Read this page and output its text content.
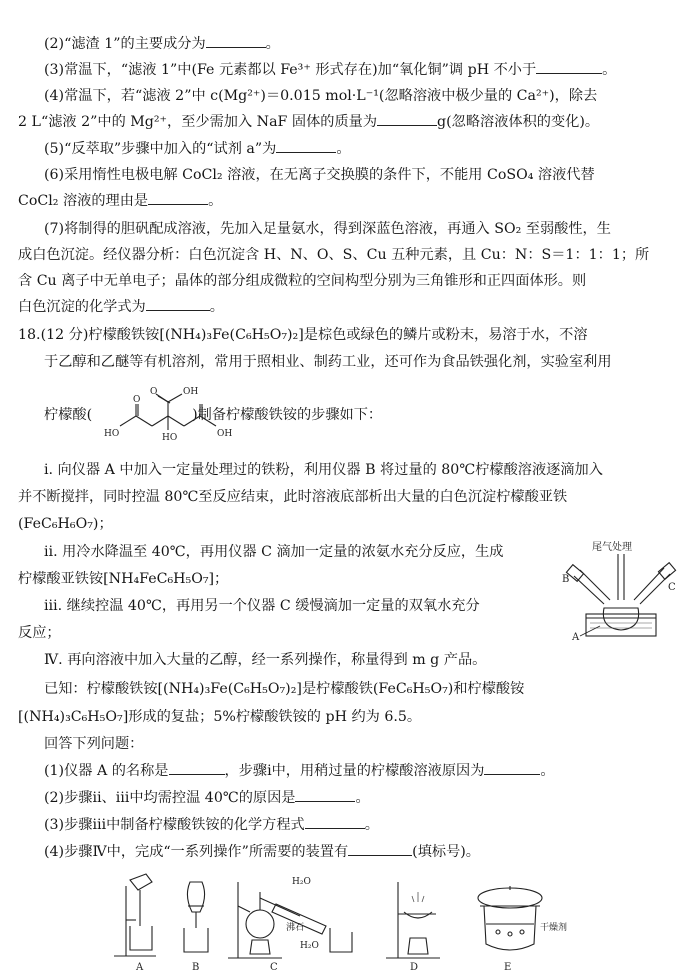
(2)“滤渣 1”的主要成分为	。
(3)常温下，“滤液 1”中(Fe 元素都以 Fe³⁺ 形式存在)加“氧化铜”调 pH 不小于	。
(4)常温下，若“滤液 2”中 c(Mg²⁺)＝0.015 mol·L⁻¹(忽略溶液中极少量的 Ca²⁺)，除去
2 L“滤液 2”中的 Mg²⁺，至少需加入 NaF 固体的质量为	g(忽略溶液体积的变化)。
(5)“反萃取”步骤中加入的“试剂 a”为	。
(6)采用惰性电极电解 CoCl₂ 溶液，在无离子交换膜的条件下，不能用 CoSO₄ 溶液代替
CoCl₂ 溶液的理由是	。
(7)将制得的胆矾配成溶液，先加入足量氨水，得到深蓝色溶液，再通入 SO₂ 至弱酸性，生
成白色沉淀。经仪器分析：白色沉淀含 H、N、O、S、Cu 五种元素，且 Cu：N：S＝1：1：1；所
含 Cu 离子中无单电子；晶体的部分组成微粒的空间构型分别为三角锥形和正四面体形。则
白色沉淀的化学式为	。
18.(12 分)柠檬酸铁铵[(NH₄)₃Fe(C₆H₅O₇)₂]是棕色或绿色的鳞片或粉末，易溶于水，不溶
于乙醇和乙醚等有机溶剂，常用于照相业、制药工业，还可作为食品铁强化剂，实验室利用
柠檬酸(	)制备柠檬酸铁铵的步骤如下：
OH
O
O
HO	HO	OH
ⅰ. 向仪器 A 中加入一定量处理过的铁粉，利用仪器 B 将过量的 80℃柠檬酸溶液逐滴加入
并不断搅拌，同时控温 80℃至反应结束，此时溶液底部析出大量的白色沉淀柠檬酸亚铁
(FeC₆H₆O₇)；
ⅱ. 用冷水降温至 40℃，再用仪器 C 滴加一定量的浓氨水充分反应，生成
柠檬酸亚铁铵[NH₄FeC₆H₅O₇]；
ⅲ. 继续控温 40℃，再用另一个仪器 C 缓慢滴加一定量的双氧水充分
反应；
尾气处理
B
C
A
Ⅳ. 再向溶液中加入大量的乙醇，经一系列操作，称量得到 m g 产品。
已知：柠檬酸铁铵[(NH₄)₃Fe(C₆H₅O₇)₂]是柠檬酸铁(FeC₆H₅O₇)和柠檬酸铵
[(NH₄)₃C₆H₅O₇]形成的复盐；5%柠檬酸铁铵的 pH 约为 6.5。
回答下列问题：
(1)仪器 A 的名称是	，步骤ⅰ中，用稍过量的柠檬酸溶液原因为	。
(2)步骤ⅱ、ⅲ中均需控温 40℃的原因是	。
(3)步骤ⅲ中制备柠檬酸铁铵的化学方程式	。
(4)步骤Ⅳ中，完成“一系列操作”所需要的装置有	(填标号)。
H₂O
沸石
H₂O
干燥剂
A	B	C	D	E
